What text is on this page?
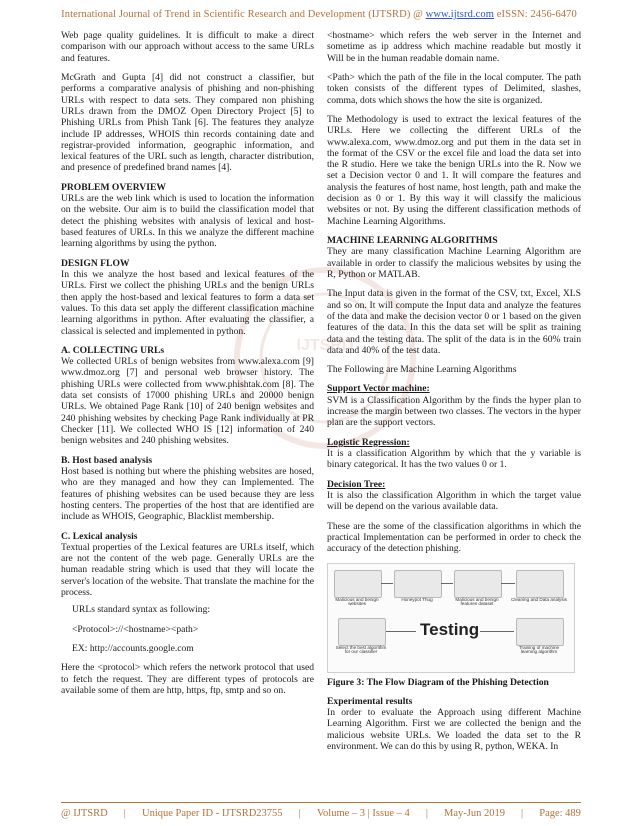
International Journal of Trend in Scientific Research and Development (IJTSRD) @ www.ijtsrd.com eISSN: 2456-6470
IJTSRD

Web page quality guidelines. It is difficult to make a direct comparison with our approach without access to the same URLs and features.

McGrath and Gupta [4] did not construct a classifier, but performs a comparative analysis of phishing and non-phishing URLs with respect to data sets. They compared non phishing URLs drawn from the DMOZ Open Directory Project [5] to Phishing URLs from Phish Tank [6]. The features they analyze include IP addresses, WHOIS thin records containing date and registrar-provided information, geographic information, and lexical features of the URL such as length, character distribution, and presence of predefined brand names [4].

PROBLEM OVERVIEW

URLs are the web link which is used to location the information on the website. Our aim is to build the classification model that detect the phishing websites with analysis of lexical and host-based features of URLs. In this we analyze the different machine learning algorithms by using the python.

DESIGN FLOW

In this we analyze the host based and lexical features of the URLs. First we collect the phishing URLs and the benign URLs then apply the host-based and lexical features to form a data set values. To this data set apply the different classification machine learning algorithms in python. After evaluating the classifier, a classical is selected and implemented in python.

A. COLLECTING URLs

We collected URLs of benign websites from www.alexa.com [9] www.dmoz.org [7] and personal web browser history. The phishing URLs were collected from www.phishtak.com [8]. The data set consists of 17000 phishing URLs and 20000 benign URLs. We obtained Page Rank [10] of 240 benign websites and 240 phishing websites by checking Page Rank individually at PR Checker [11]. We collected WHO IS [12] information of 240 benign websites and 240 phishing websites.

B. Host based analysis

Host based is nothing but where the phishing websites are hosed, who are they managed and how they can Implemented. The features of phishing websites can be used because they are less hosting centers. The properties of the host that are identified are include as WHOIS, Geographic, Blacklist membership.

C. Lexical analysis

Textual properties of the Lexical features are URLs itself, which are not the content of the web page. Generally URLs are the human readable string which is used that they will locate the server's location of the website. That translate the machine for the process.

URLs standard syntax as following:

<Protocol>://<hostname><path>

EX: http://accounts.google.com

Here the <protocol> which refers the network protocol that used to fetch the request. They are different types of protocols are available some of them are http, https, ftp, smtp and so on.

<hostname> which refers the web server in the Internet and sometime as ip address which machine readable but mostly it Will be in the human readable domain name.

<Path> which the path of the file in the local computer. The path token consists of the different types of Delimited, slashes, comma, dots which shows the how the site is organized.

The Methodology is used to extract the lexical features of the URLs. Here we collecting the different URLs of the www.alexa.com, www.dmoz.org and put them in the data set in the format of the CSV or the excel file and load the data set into the R studio. Here we take the benign URLs into the R. Now we set a Decision vector 0 and 1. It will compare the features and analysis the features of host name, host length, path and make the decision as 0 or 1. By this way it will classify the malicious websites or not. By using the different classification methods of Machine Learning Algorithms.

MACHINE LEARNING ALGORITHMS

They are many classification Machine Learning Algorithm are available in order to classify the malicious websites by using the R, Python or MATLAB.

The Input data is given in the format of the CSV, txt, Excel, XLS and so on. It will compute the Input data and analyze the features of the data and make the decision vector 0 or 1 based on the given features of the data. In this the data set will be split as training data and the testing data. The split of the data is in the 60% train data and 40% of the test data.

The Following are Machine Learning Algorithms

Support Vector machine:

SVM is a Classification Algorithm by the finds the hyper plan to increase the margin between two classes. The vectors in the hyper plan are the support vectors.

Logistic Regression:

It is a classification Algorithm by which that the y variable is binary categorical. It has the two values 0 or 1.

Decision Tree:

It is also the classification Algorithm in which the target value will be depend on the various available data.

These are the some of the classification algorithms in which the practical Implementation can be performed in order to check the accuracy of the detection phishing.

Malicious and benign websites
Honeypot Thug	Malicious and benign features dataset
Cleaning and Data analysis
Select the best algorithm for our classifier
Testing
Training of machine learning algorithm

Figure 3: The Flow Diagram of the Phishing Detection

Experimental results

In order to evaluate the Approach using different Machine Learning Algorithm. First we are collected the benign and the malicious website URLs. We loaded the data set to the R environment. We can do this by using R, python, WEKA. In

@ IJTSRD | Unique Paper ID - IJTSRD23755 | Volume – 3 | Issue – 4 | May-Jun 2019 | Page: 489
